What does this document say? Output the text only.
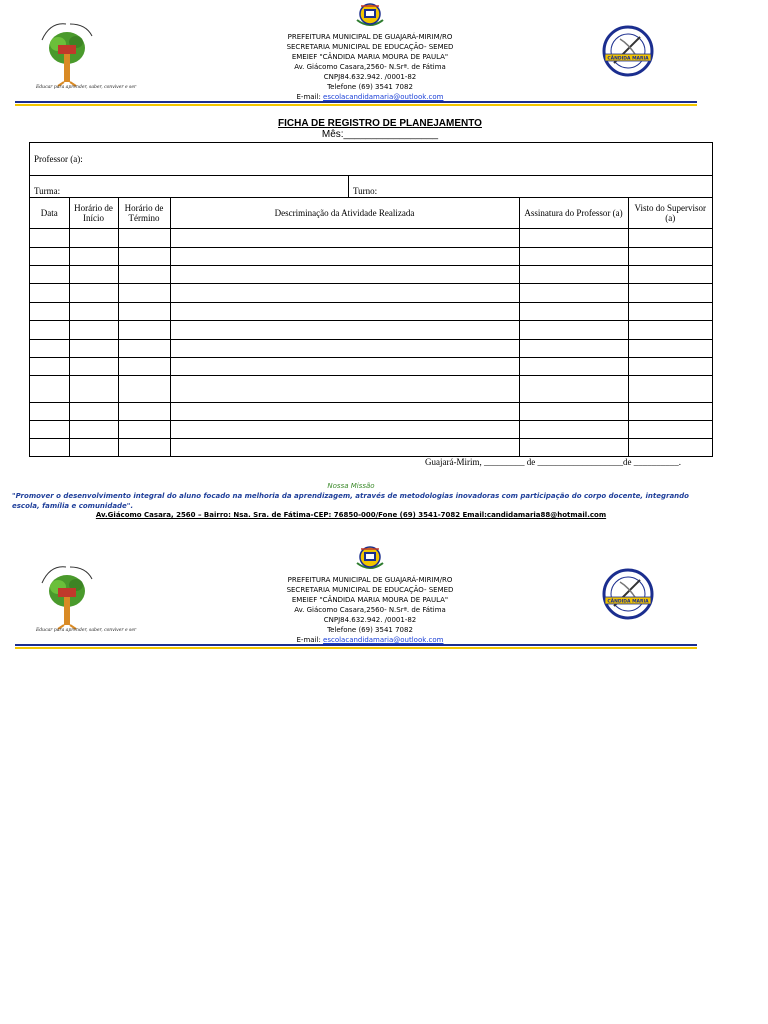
Educar para aprender, saber, conviver e ser
PREFEITURA MUNICIPAL DE GUAJARÁ-MIRIM/RO
SECRETARIA MUNICIPAL DE EDUCAÇÃO- SEMED
EMEIEF "CÂNDIDA MARIA MOURA DE PAULA"
Av. Giácomo Casara,2560- N.Srª. de Fátima
CNPJ84.632.942. /0001-82
Telefone (69) 3541 7082
E-mail: escolacandidamaria@outlook.com
CÂNDIDA MARIA
FICHA DE REGISTRO DE PLANEJAMENTO
Mês:_________________
Professor (a):
Turma:	Turno:
Data	Horário de Início	Horário de Término	Descriminação da Atividade Realizada	Assinatura do Professor (a)	Visto do Supervisor (a)

Guajará-Mirim, _________ de ___________________de __________.
Nossa Missão
"Promover o desenvolvimento integral do aluno focado na melhoria da aprendizagem, através de metodologias inovadoras com participação do corpo docente, integrando escola, família e comunidade".
Av.Giácomo Casara, 2560 – Bairro: Nsa. Sra. de Fátima-CEP: 76850-000/Fone (69) 3541-7082 Email:candidamaria88@hotmail.com
Educar para aprender, saber, conviver e ser
PREFEITURA MUNICIPAL DE GUAJARÁ-MIRIM/RO
SECRETARIA MUNICIPAL DE EDUCAÇÃO- SEMED
EMEIEF "CÂNDIDA MARIA MOURA DE PAULA"
Av. Giácomo Casara,2560- N.Srª. de Fátima
CNPJ84.632.942. /0001-82
Telefone (69) 3541 7082
E-mail: escolacandidamaria@outlook.com
CÂNDIDA MARIA
